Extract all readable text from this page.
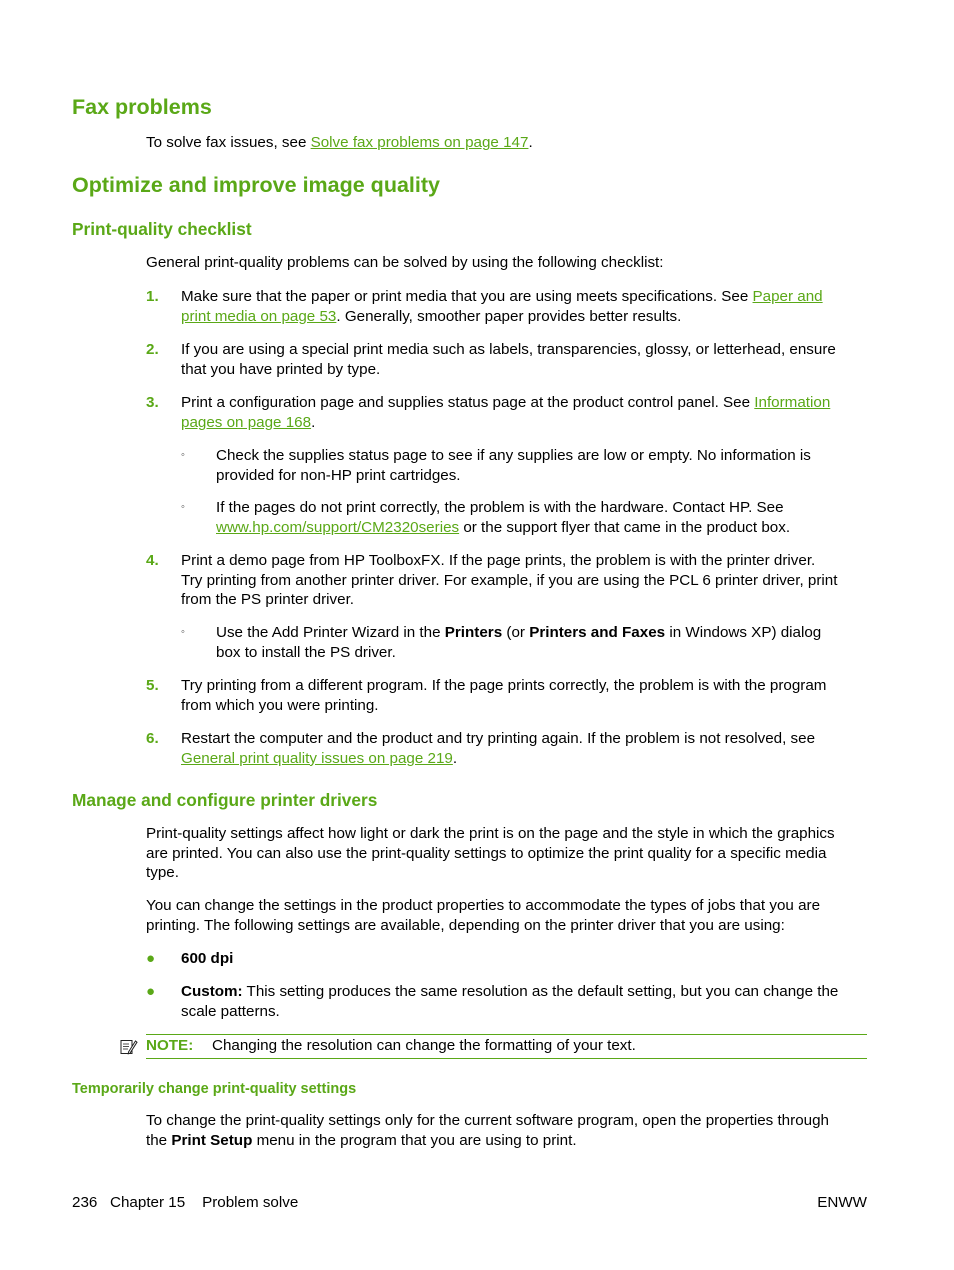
Fax problems
To solve fax issues, see Solve fax problems on page 147.
Optimize and improve image quality
Print-quality checklist
General print-quality problems can be solved by using the following checklist:
1. Make sure that the paper or print media that you are using meets specifications. See Paper and
print media on page 53. Generally, smoother paper provides better results.
2. If you are using a special print media such as labels, transparencies, glossy, or letterhead, ensure
that you have printed by type.
3. Print a configuration page and supplies status page at the product control panel. See Information
pages on page 168.
◦ Check the supplies status page to see if any supplies are low or empty. No information is
provided for non-HP print cartridges.
◦ If the pages do not print correctly, the problem is with the hardware. Contact HP. See
www.hp.com/support/CM2320series or the support flyer that came in the product box.
4. Print a demo page from HP ToolboxFX. If the page prints, the problem is with the printer driver.
Try printing from another printer driver. For example, if you are using the PCL 6 printer driver, print
from the PS printer driver.
◦ Use the Add Printer Wizard in the Printers (or Printers and Faxes in Windows XP) dialog
box to install the PS driver.
5. Try printing from a different program. If the page prints correctly, the problem is with the program
from which you were printing.
6. Restart the computer and the product and try printing again. If the problem is not resolved, see
General print quality issues on page 219.
Manage and configure printer drivers
Print-quality settings affect how light or dark the print is on the page and the style in which the graphics
are printed. You can also use the print-quality settings to optimize the print quality for a specific media
type.
You can change the settings in the product properties to accommodate the types of jobs that you are
printing. The following settings are available, depending on the printer driver that you are using:
● 600 dpi
● Custom: This setting produces the same resolution as the default setting, but you can change the
scale patterns.
NOTE: Changing the resolution can change the formatting of your text.
Temporarily change print-quality settings
To change the print-quality settings only for the current software program, open the properties through
the Print Setup menu in the program that you are using to print.
236 Chapter 15 Problem solve	ENWW
